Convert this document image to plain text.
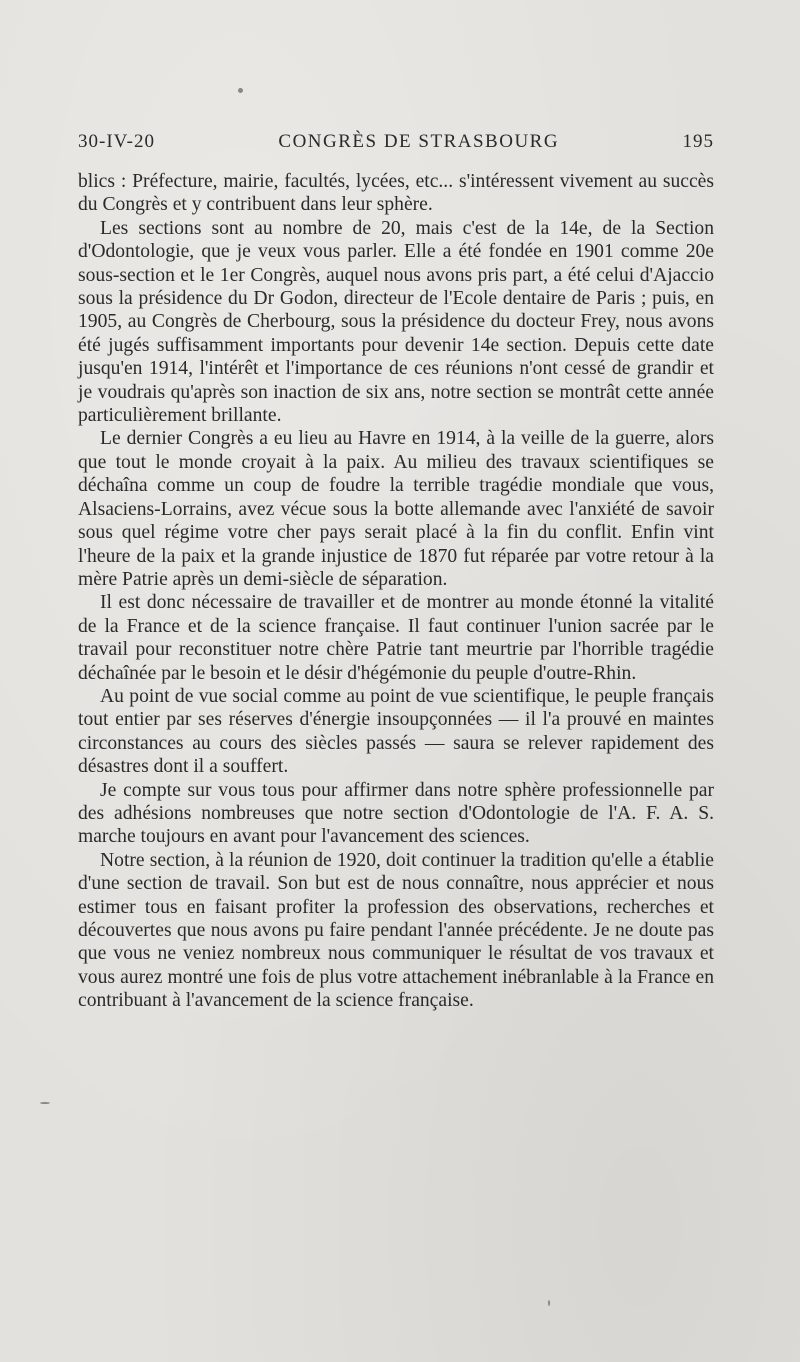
30-IV-20	CONGRÈS DE STRASBOURG	195

blics : Préfecture, mairie, facultés, lycées, etc... s'intéressent vivement au succès du Congrès et y contribuent dans leur sphère.

Les sections sont au nombre de 20, mais c'est de la 14e, de la Section d'Odontologie, que je veux vous parler. Elle a été fondée en 1901 comme 20e sous-section et le 1er Congrès, auquel nous avons pris part, a été celui d'Ajaccio sous la présidence du Dr Godon, directeur de l'Ecole dentaire de Paris ; puis, en 1905, au Congrès de Cherbourg, sous la présidence du docteur Frey, nous avons été jugés suffisamment importants pour devenir 14e section. Depuis cette date jusqu'en 1914, l'intérêt et l'importance de ces réunions n'ont cessé de grandir et je voudrais qu'après son inaction de six ans, notre section se montrât cette année particulièrement brillante.

Le dernier Congrès a eu lieu au Havre en 1914, à la veille de la guerre, alors que tout le monde croyait à la paix. Au milieu des travaux scientifiques se déchaîna comme un coup de foudre la terrible tragédie mondiale que vous, Alsaciens-Lorrains, avez vécue sous la botte allemande avec l'anxiété de savoir sous quel régime votre cher pays serait placé à la fin du conflit. Enfin vint l'heure de la paix et la grande injustice de 1870 fut réparée par votre retour à la mère Patrie après un demi-siècle de séparation.

Il est donc nécessaire de travailler et de montrer au monde étonné la vitalité de la France et de la science française. Il faut continuer l'union sacrée par le travail pour reconstituer notre chère Patrie tant meurtrie par l'horrible tragédie déchaînée par le besoin et le désir d'hégémonie du peuple d'outre-Rhin.

Au point de vue social comme au point de vue scientifique, le peuple français tout entier par ses réserves d'énergie insoupçonnées — il l'a prouvé en maintes circonstances au cours des siècles passés — saura se relever rapidement des désastres dont il a souffert.

Je compte sur vous tous pour affirmer dans notre sphère professionnelle par des adhésions nombreuses que notre section d'Odontologie de l'A. F. A. S. marche toujours en avant pour l'avancement des sciences.

Notre section, à la réunion de 1920, doit continuer la tradition qu'elle a établie d'une section de travail. Son but est de nous connaître, nous apprécier et nous estimer tous en faisant profiter la profession des observations, recherches et découvertes que nous avons pu faire pendant l'année précédente. Je ne doute pas que vous ne veniez nombreux nous communiquer le résultat de vos travaux et vous aurez montré une fois de plus votre attachement inébranlable à la France en contribuant à l'avancement de la science française.
